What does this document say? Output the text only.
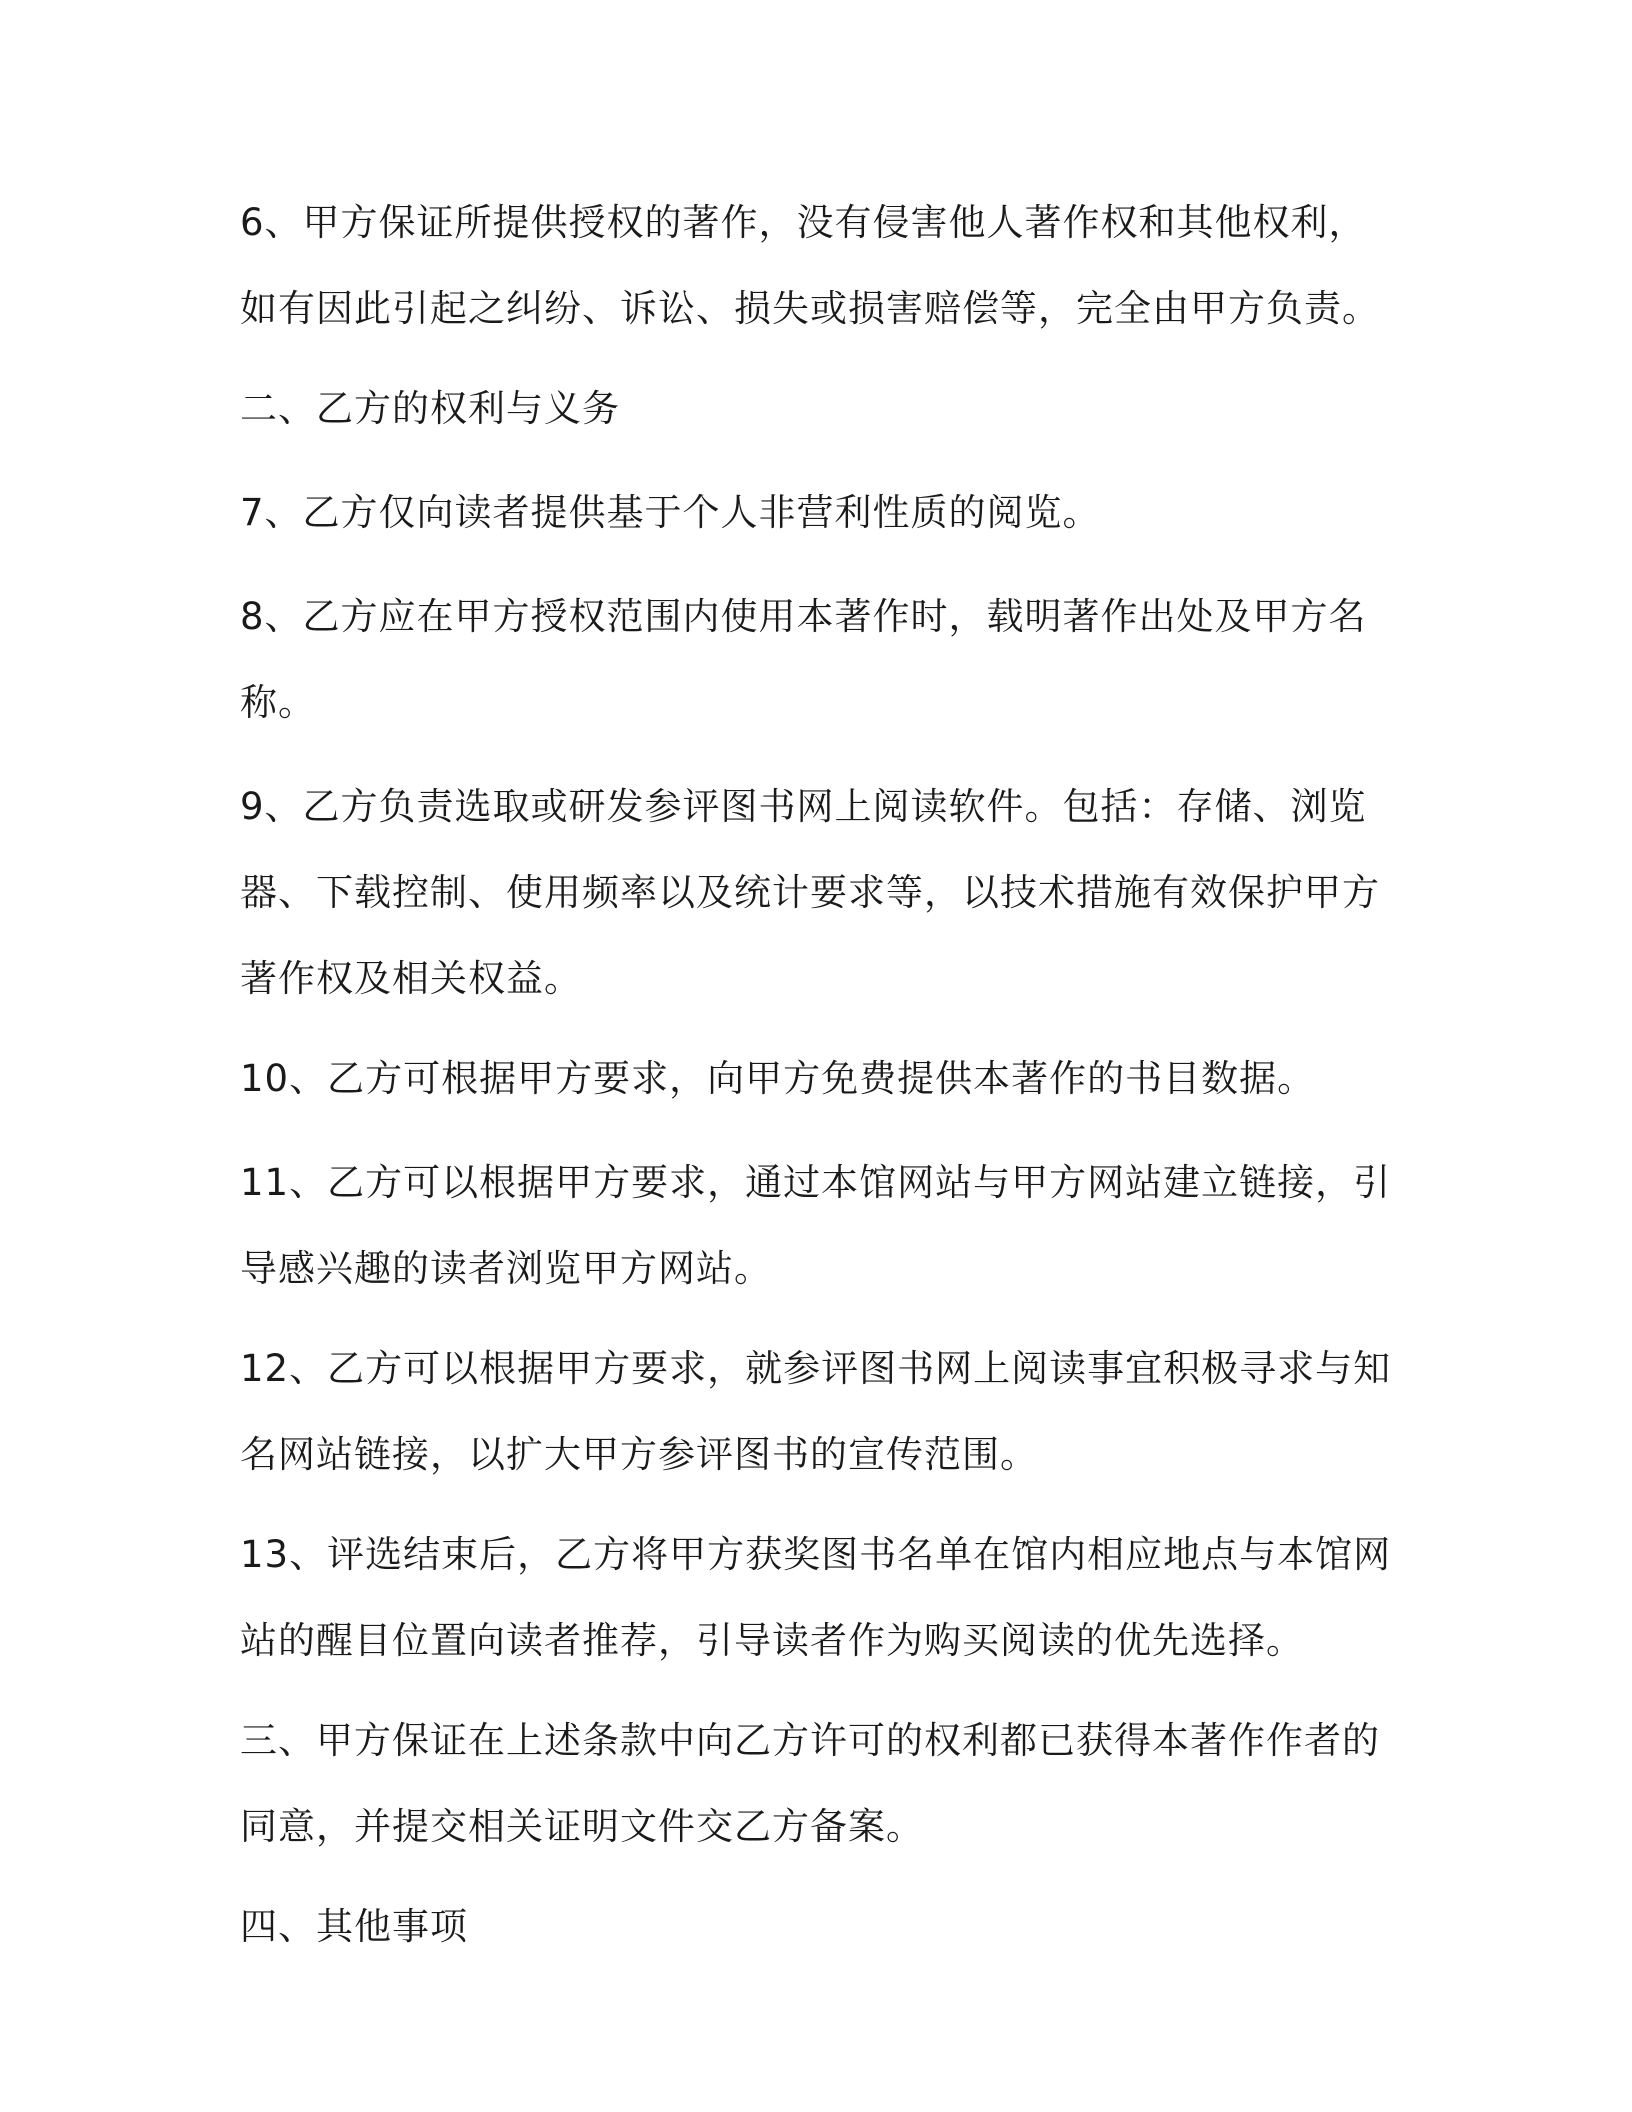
6、甲方保证所提供授权的著作，没有侵害他人著作权和其他权利，如有因此引起之纠纷、诉讼、损失或损害赔偿等，完全由甲方负责。

二、乙方的权利与义务

7、乙方仅向读者提供基于个人非营利性质的阅览。

8、乙方应在甲方授权范围内使用本著作时，载明著作出处及甲方名称。

9、乙方负责选取或研发参评图书网上阅读软件。包括：存储、浏览器、下载控制、使用频率以及统计要求等，以技术措施有效保护甲方著作权及相关权益。

10、乙方可根据甲方要求，向甲方免费提供本著作的书目数据。

11、乙方可以根据甲方要求，通过本馆网站与甲方网站建立链接，引导感兴趣的读者浏览甲方网站。

12、乙方可以根据甲方要求，就参评图书网上阅读事宜积极寻求与知名网站链接，以扩大甲方参评图书的宣传范围。

13、评选结束后，乙方将甲方获奖图书名单在馆内相应地点与本馆网站的醒目位置向读者推荐，引导读者作为购买阅读的优先选择。

三、甲方保证在上述条款中向乙方许可的权利都已获得本著作作者的同意，并提交相关证明文件交乙方备案。

四、其他事项
